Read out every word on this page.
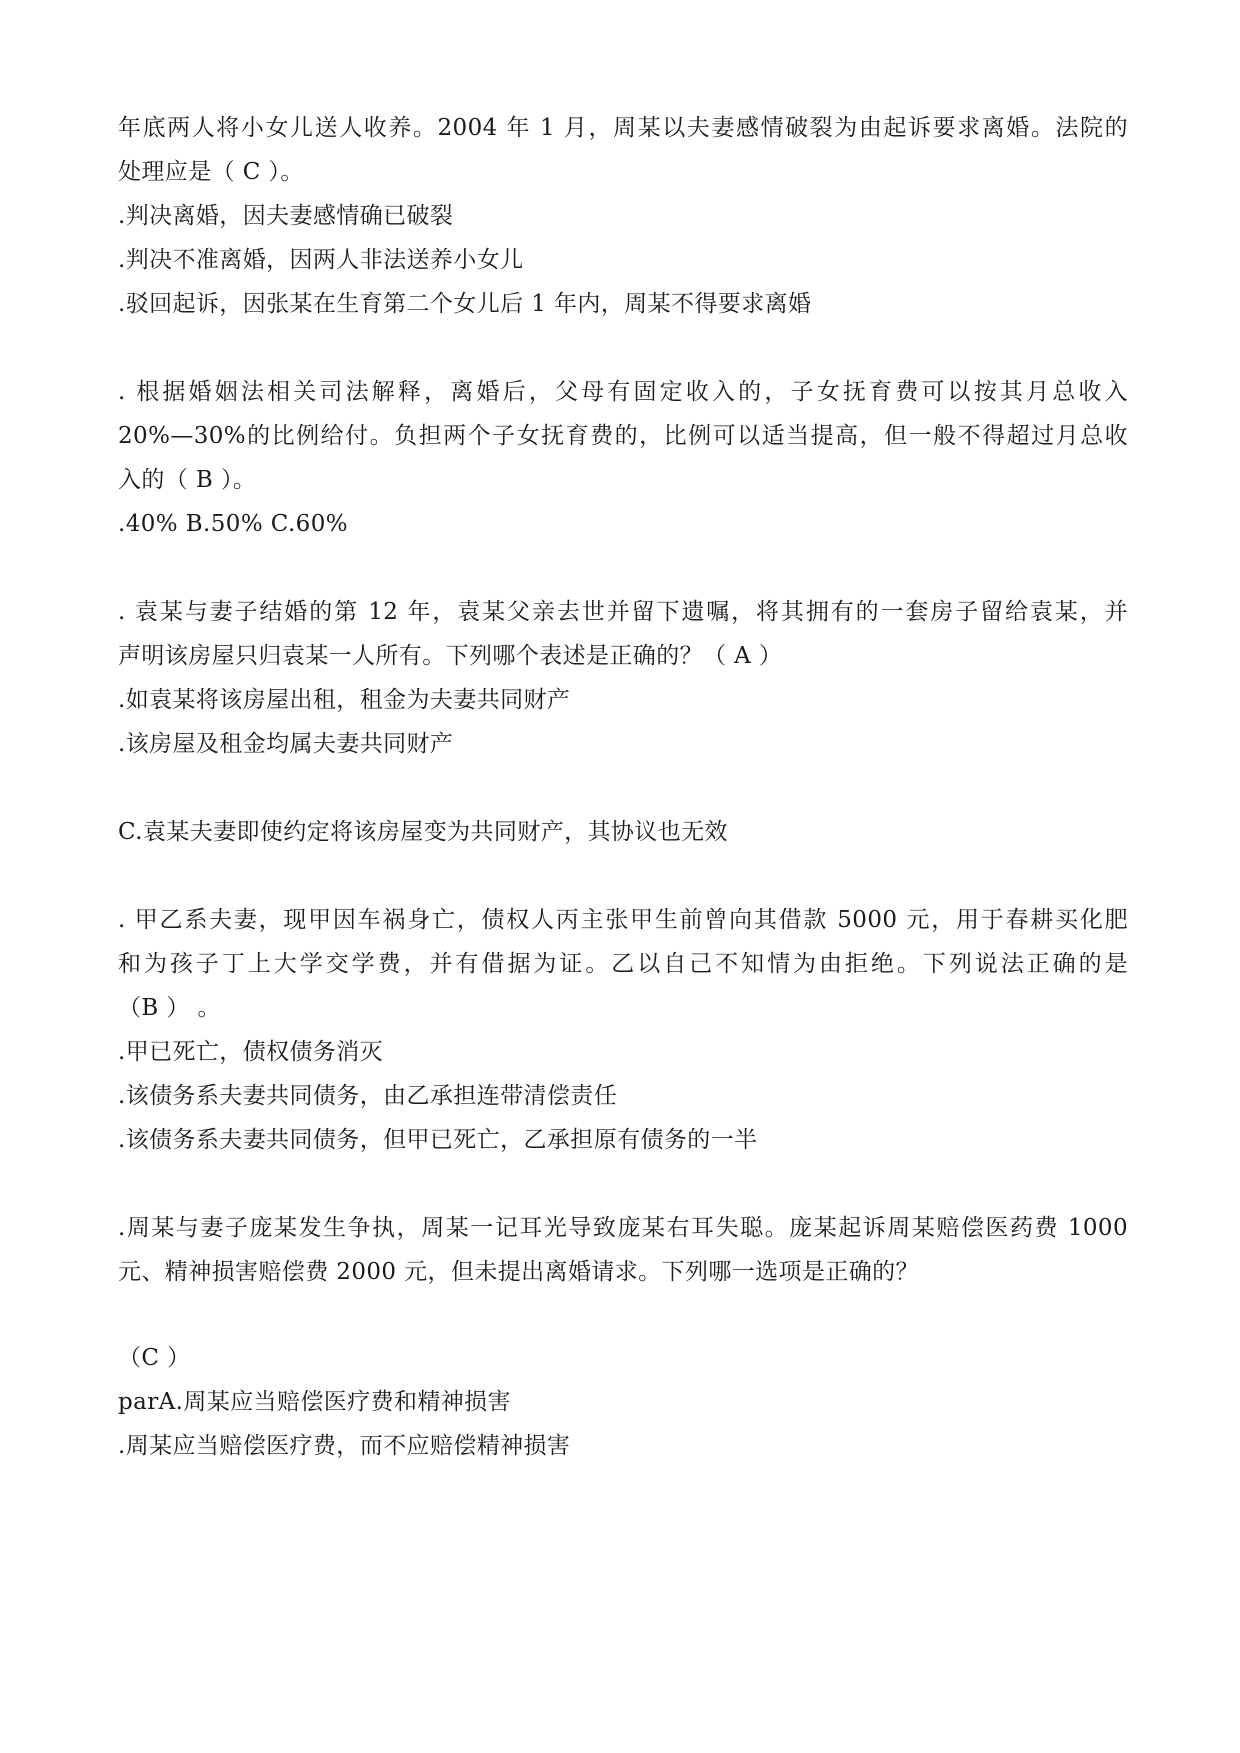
年底两人将小女儿送人收养。2004 年 1 月，周某以夫妻感情破裂为由起诉要求离婚。法院的
处理应是（ C ）。
.判决离婚，因夫妻感情确已破裂
.判决不准离婚，因两人非法送养小女儿
.驳回起诉，因张某在生育第二个女儿后 1 年内，周某不得要求离婚
. 根据婚姻法相关司法解释，离婚后，父母有固定收入的，子女抚育费可以按其月总收入
20%—30%的比例给付。负担两个子女抚育费的，比例可以适当提高，但一般不得超过月总收
入的（ B ）。
.40% B.50% C.60%
. 袁某与妻子结婚的第 12 年，袁某父亲去世并留下遗嘱，将其拥有的一套房子留给袁某，并
声明该房屋只归袁某一人所有。下列哪个表述是正确的？（ A ）
.如袁某将该房屋出租，租金为夫妻共同财产
.该房屋及租金均属夫妻共同财产
C.袁某夫妻即使约定将该房屋变为共同财产，其协议也无效
. 甲乙系夫妻，现甲因车祸身亡，债权人丙主张甲生前曾向其借款 5000 元，用于春耕买化肥
和为孩子丁上大学交学费，并有借据为证。乙以自己不知情为由拒绝。下列说法正确的是
（B ） 。
.甲已死亡，债权债务消灭
.该债务系夫妻共同债务，由乙承担连带清偿责任
.该债务系夫妻共同债务，但甲已死亡，乙承担原有债务的一半
.周某与妻子庞某发生争执，周某一记耳光导致庞某右耳失聪。庞某起诉周某赔偿医药费 1000
元、精神损害赔偿费 2000 元，但未提出离婚请求。下列哪一选项是正确的？
（C ）
parA.周某应当赔偿医疗费和精神损害
.周某应当赔偿医疗费，而不应赔偿精神损害
